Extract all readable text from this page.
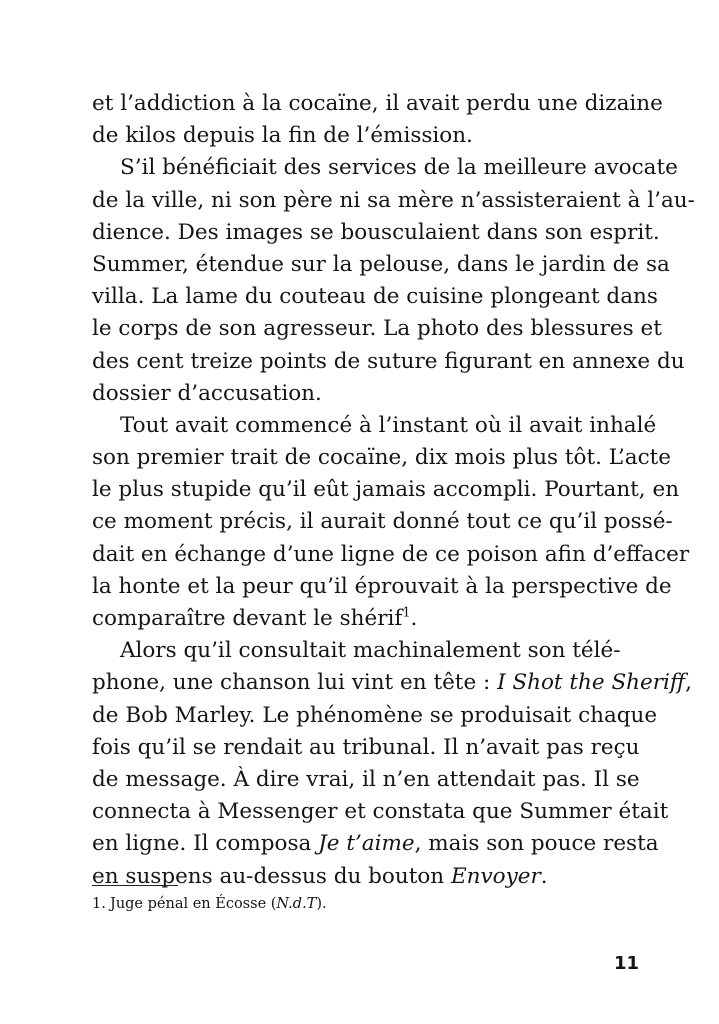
et l’addiction à la cocaïne, il avait perdu une dizaine
de kilos depuis la fin de l’émission.
S’il bénéficiait des services de la meilleure avocate
de la ville, ni son père ni sa mère n’assisteraient à l’au-
dience. Des images se bousculaient dans son esprit.
Summer, étendue sur la pelouse, dans le jardin de sa
villa. La lame du couteau de cuisine plongeant dans
le corps de son agresseur. La photo des blessures et
des cent treize points de suture figurant en annexe du
dossier d’accusation.
Tout avait commencé à l’instant où il avait inhalé
son premier trait de cocaïne, dix mois plus tôt. L’acte
le plus stupide qu’il eût jamais accompli. Pourtant, en
ce moment précis, il aurait donné tout ce qu’il possé-
dait en échange d’une ligne de ce poison afin d’effacer
la honte et la peur qu’il éprouvait à la perspective de
comparaître devant le shérif$^1$.
Alors qu’il consultait machinalement son télé-
phone, une chanson lui vint en tête : I Shot the Sheriff,
de Bob Marley. Le phénomène se produisait chaque
fois qu’il se rendait au tribunal. Il n’avait pas reçu
de message. À dire vrai, il n’en attendait pas. Il se
connecta à Messenger et constata que Summer était
en ligne. Il composa Je t’aime, mais son pouce resta
en suspens au-dessus du bouton Envoyer.
1. Juge pénal en Écosse (N.d.T).
11
